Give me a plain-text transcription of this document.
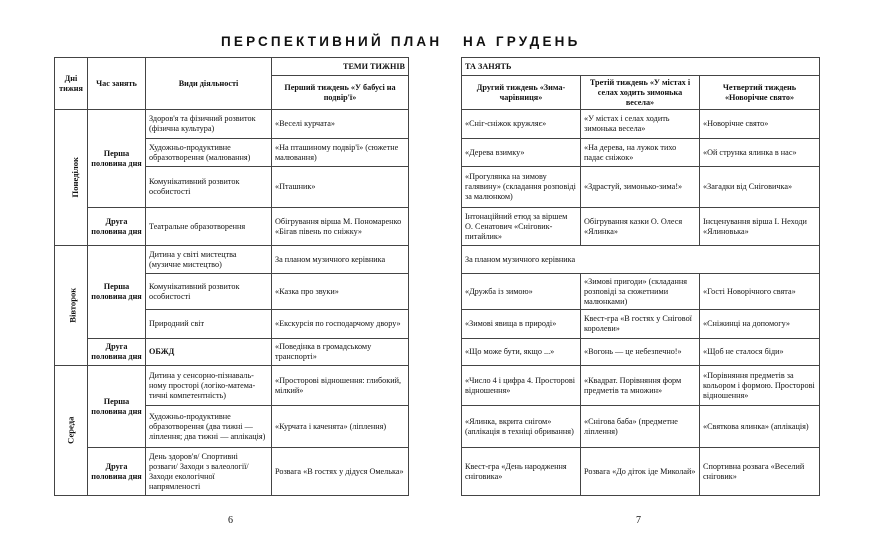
ПЕРСПЕКТИВНИЙ ПЛАН НА ГРУДЕНЬ
Дні тижня	Час занять	Види діяльності	ТЕМИ ТИЖНІВ
			Перший тиждень «У бабусі на подвір'ї»
Понеділок	Перша половина дня	Здоров'я та фізичний розвиток (фізична культура)	«Веселі курчата»
		Художньо-продуктивне образотворення (малювання)	«На пташиному подвір'ї» (сюжетне малювання)
		Комунікативний розвиток особистості	«Пташник»
	Друга половина дня	Театральне образотворення	Обігрування вірша М. Пономаренко «Бігав півень по сніжку»
Вівторок	Перша половина дня	Дитина у світі мистецтва (музичне мистецтво)	За планом музичного керівника
		Комунікативний розвиток особистості	«Казка про звуки»
		Природний світ	«Екскурсія по господарчому двору»
	Друга половина дня	ОБЖД	«Поведінка в громадському транспорті»
Середа	Перша половина дня	Дитина у сенсорно-пізнаваль-ному просторі (логіко-матема-тичні компетентність)	«Просторові відношення: глибокий, мілкий»
		Художньо-продуктивне образотворення (два тижні — ліплення; два тижні — аплікація)	«Курчата і каченята» (ліплення)

	Друга половина дня	День здоров'я/ Спортивні розваги/ Заходи з валеології/ Заходи екологічної напрямленості	Розвага «В гостях у дідуся Омелька»
ТА ЗАНЯТЬ		
Другий тиждень «Зима-чарівниця»	Третій тиждень «У містах і селах ходить зимонька весела»	Четвертий тиждень «Новорічне свято»
«Сніг-сніжок кружляє»	«У містах і селах ходить зимонька весела»	«Новорічне свято»
«Дерева взимку»	«На дерева, на лужок тихо падає сніжок»	«Ой струнка ялинка в нас»
«Прогулянка на зимову галявину» (складання розповіді за малюнком)	«Здрастуй, зимонько-зима!»	«Загадки від Сніговичка»
Інтонаційний етюд за віршем О. Сенатович «Сніговик-питайлик»	Обігрування казки О. Олеся «Ялинка»	Інсценування вірша І. Неходи «Ялиновька»
За планом музичного керівника		
«Дружба із зимою»	«Зимові пригоди» (складання розповіді за сюжетними малюнками)	«Гості Новорічного свята»
«Зимові явища в природі»	Квест-гра «В гостях у Снігової королеви»	«Сніжинці на допомогу»
«Що може бути, якщо ...»	«Вогонь — це небезпечно!»	«Щоб не сталося біди»
«Число 4 і цифра 4. Просторові відношення»	«Квадрат. Порівняння форм предметів та множин»	«Порівняння предметів за кольором і формою. Просторові відношення»
«Ялинка, вкрита снігом» (аплікація в техніці обривання)	«Снігова баба» (предметне ліплення)	«Святкова ялинка» (аплікація)
Квест-гра «День народження сніговика»	Розвага «До діток іде Миколай»	Спортивна розвага «Веселий сніговик»
6	7
